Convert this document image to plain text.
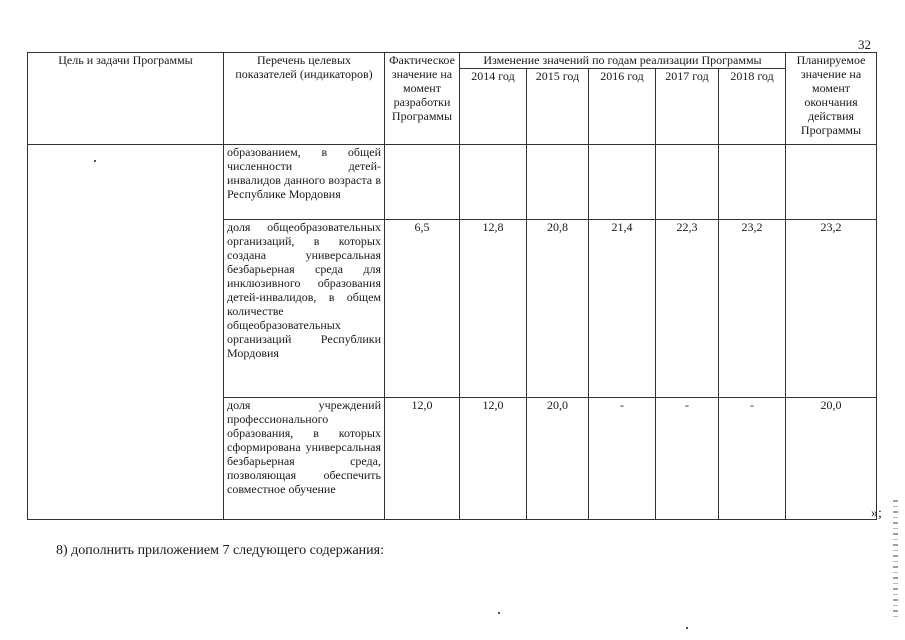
32
Цель и задачи Программы	Перечень целевых показателей (индикаторов)	Фактическое значение на момент разработки Программы	Изменение значений по годам реализации Программы					Планируемое значение на момент окончания действия Программы
			2014 год	2015 год	2016 год	2017 год	2018 год	
	образованием, в общей численности детей-инвалидов данного возраста в Республике Мордовия							
	доля общеобразовательных организаций, в которых создана универсальная безбарьерная среда для инклюзивного образования детей-инвалидов, в общем количестве общеобразовательных организаций Республики Мордовия	6,5	12,8	20,8	21,4	22,3	23,2	23,2
	доля учреждений профессионального образования, в которых сформирована универсальная безбарьерная среда, позволяющая обеспечить совместное обучение	12,0	12,0	20,0	-	-	-	20,0
»;
8) дополнить приложением 7 следующего содержания:
